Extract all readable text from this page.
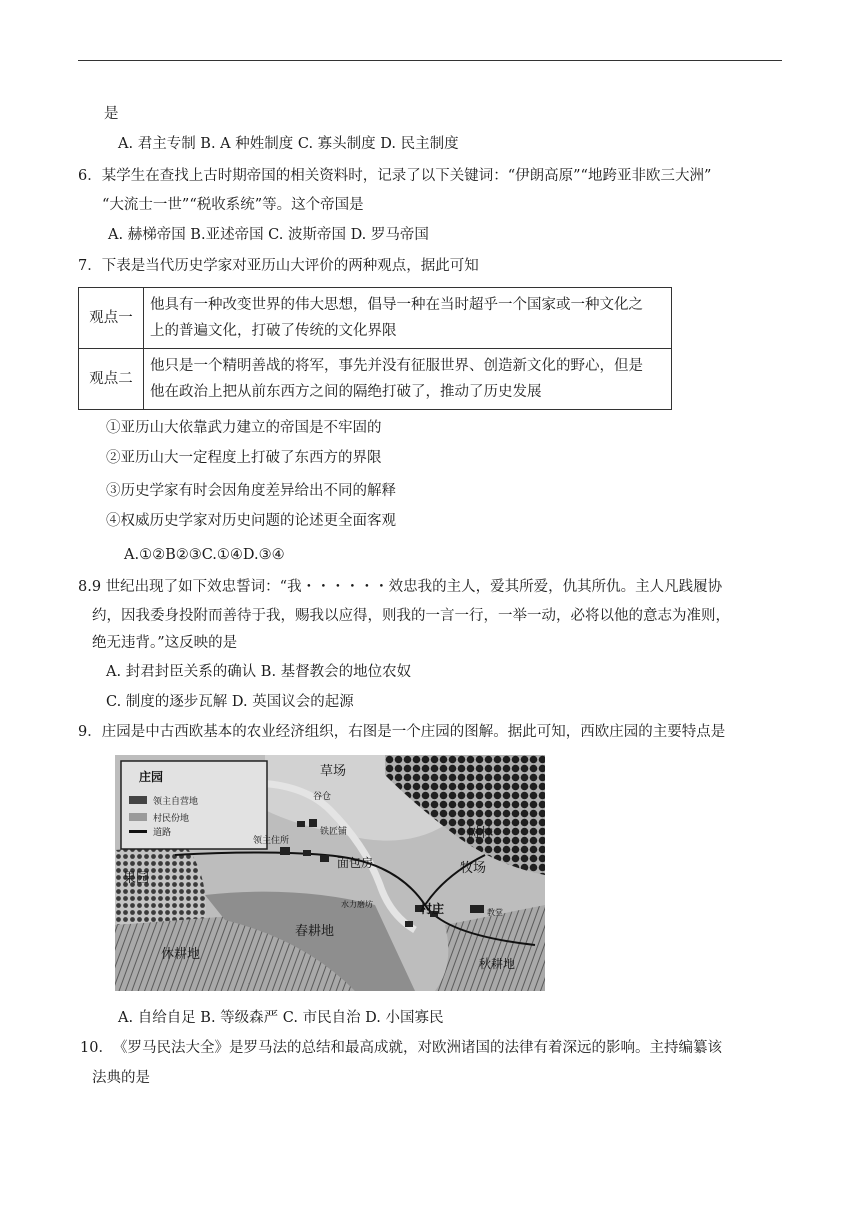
是
A. 君主专制 B. A 种姓制度 C. 寡头制度 D. 民主制度
6．某学生在查找上古时期帝国的相关资料时，记录了以下关键词：“伊朗高原”“地跨亚非欧三大洲”
“大流士一世”“税收系统”等。这个帝国是
A. 赫梯帝国 B.亚述帝国 C. 波斯帝国 D. 罗马帝国
7．下表是当代历史学家对亚历山大评价的两种观点，据此可知
观点一	他具有一种改变世界的伟大思想，倡导一种在当时超乎一个国家或一种文化之
上的普遍文化，打破了传统的文化界限

观点二	他只是一个精明善战的将军，事先并没有征服世界、创造新文化的野心，但是
他在政治上把从前东西方之间的隔绝打破了，推动了历史发展
①亚历山大依靠武力建立的帝国是不牢固的
②亚历山大一定程度上打破了东西方的界限
③历史学家有时会因角度差异给出不同的解释
④权威历史学家对历史问题的论述更全面客观
A.①②B②③C.①④D.③④
8.9 世纪出现了如下效忠誓词：“我・・・・・・效忠我的主人，爱其所爱，仇其所仇。主人凡践履协
约，因我委身投附而善待于我，赐我以应得，则我的一言一行，一举一动，必将以他的意志为准则，
绝无违背。”这反映的是
A. 封君封臣关系的确认 B. 基督教会的地位农奴
C. 制度的逐步瓦解 D. 英国议会的起源
9．庄园是中古西欧基本的农业经济组织，右图是一个庄园的图解。据此可知，西欧庄园的主要特点是
庄园
领主自营地
村民份地
道路
草场
谷仓
树林
领主住所
铁匠铺
面包房	牧场
果园
水力磨坊	村庄	教堂
春耕地
休耕地
秋耕地
A. 自给自足 B. 等级森严 C. 市民自治 D. 小国寡民
10．《罗马民法大全》是罗马法的总结和最高成就，对欧洲诸国的法律有着深远的影响。主持编纂该
法典的是
